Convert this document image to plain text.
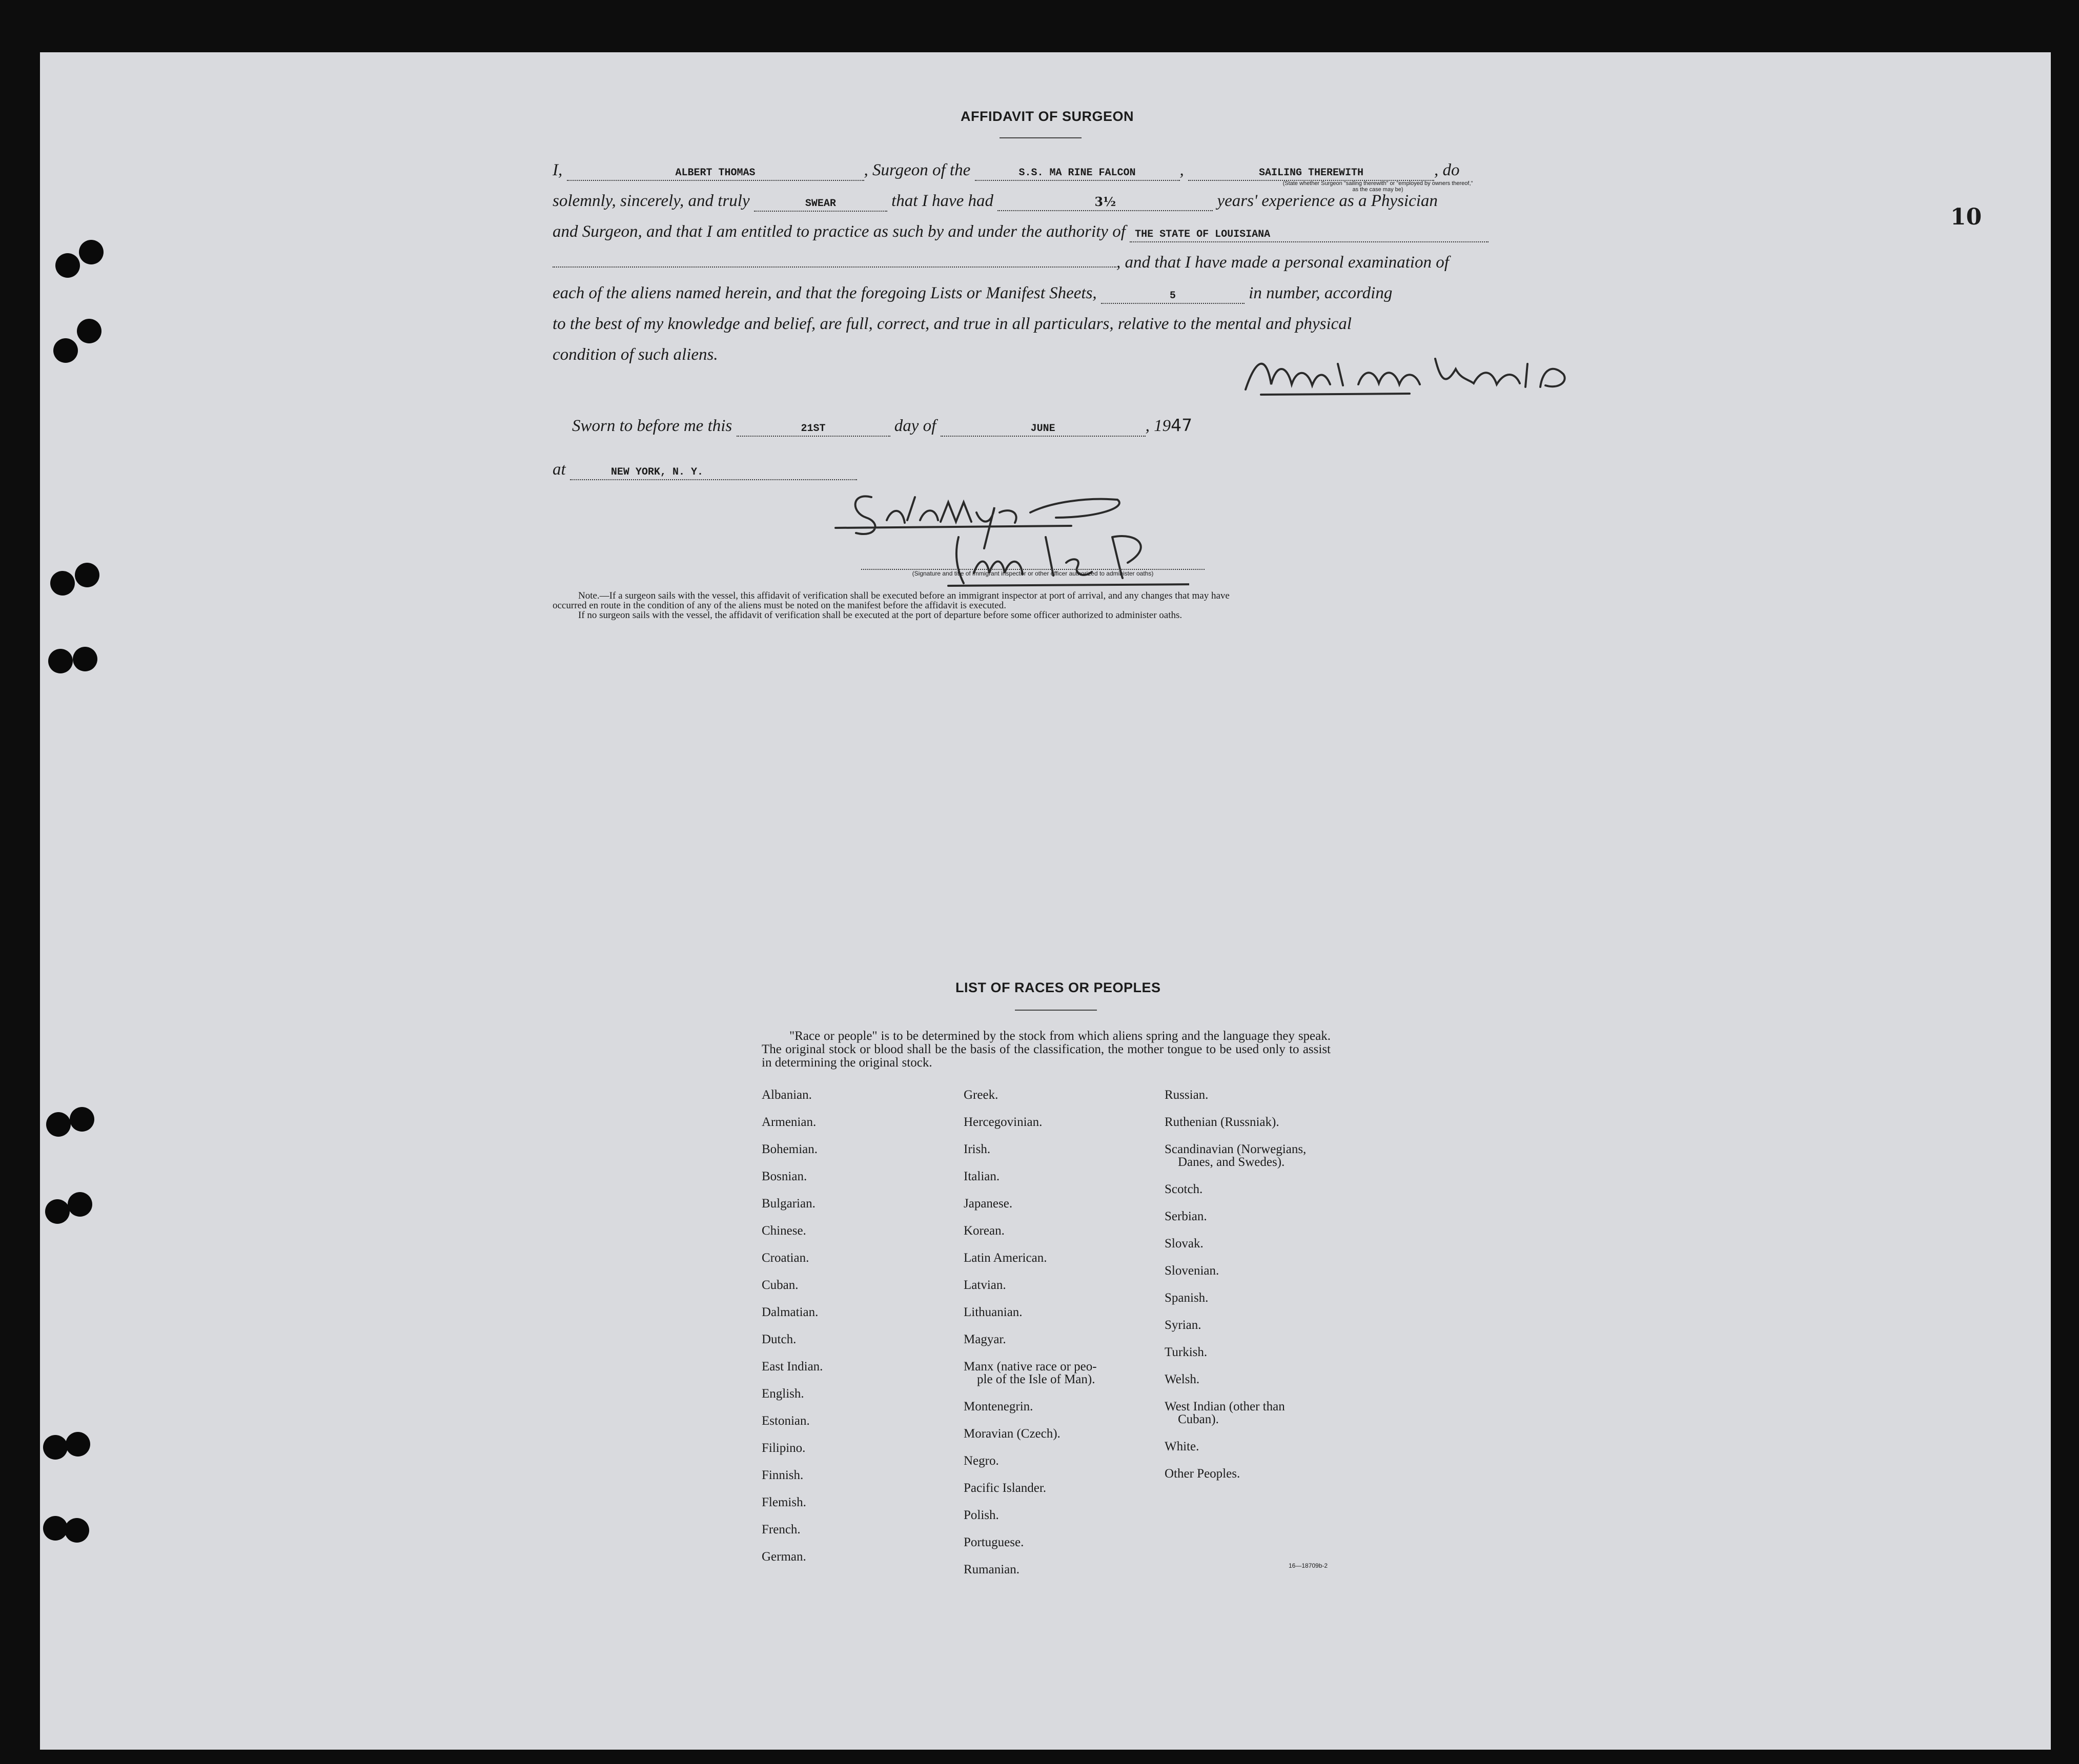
10
AFFIDAVIT OF SURGEON
I,	ALBERT THOMAS	, Surgeon of the	S.S. MA RINE FALCON	,	SAILING THEREWITH	, do
(State whether Surgeon "sailing therewith" or "employed by owners thereof," as the case may be)
solemnly, sincerely, and truly	SWEAR	that I have had	3½	years' experience as a Physician
and Surgeon, and that I am entitled to practice as such by and under the authority of THE STATE OF LOUISIANA
, and that I have made a personal examination of
each of the aliens named herein, and that the foregoing Lists or Manifest Sheets,	5	in number, according
to the best of my knowledge and belief, are full, correct, and true in all particulars, relative to the mental and physical
condition of such aliens.
Sworn to before me this	21ST	day of	JUNE	, 1947
at	NEW YORK, N. Y.
(Signature and title of immigrant inspector or other officer authorized to administer oaths)

Note.—If a surgeon sails with the vessel, this affidavit of verification shall be executed before an immigrant inspector at port of arrival, and any changes that may have

occurred en route in the condition of any of the aliens must be noted on the manifest before the affidavit is executed.

If no surgeon sails with the vessel, the affidavit of verification shall be executed at the port of departure before some officer authorized to administer oaths.

LIST OF RACES OR PEOPLES
"Race or people" is to be determined by the stock from which aliens spring and the language they speak. The original stock or blood shall be the basis of the classification, the mother tongue to be used only to assist in determining the original stock.
Albanian.
Armenian.
Bohemian.
Bosnian.
Bulgarian.
Chinese.
Croatian.
Cuban.
Dalmatian.
Dutch.
East Indian.
English.
Estonian.
Filipino.
Finnish.
Flemish.
French.
German.
Greek.
Hercegovinian.
Irish.
Italian.
Japanese.
Korean.
Latin American.
Latvian.
Lithuanian.
Magyar.
Manx (native race or peo-
ple of the Isle of Man).
Montenegrin.
Moravian (Czech).
Negro.
Pacific Islander.
Polish.
Portuguese.
Rumanian.
Russian.
Ruthenian (Russniak).
Scandinavian (Norwegians,
Danes, and Swedes).
Scotch.
Serbian.
Slovak.
Slovenian.
Spanish.
Syrian.
Turkish.
Welsh.
West Indian (other than
Cuban).
White.
Other Peoples.
16—18709b-2
